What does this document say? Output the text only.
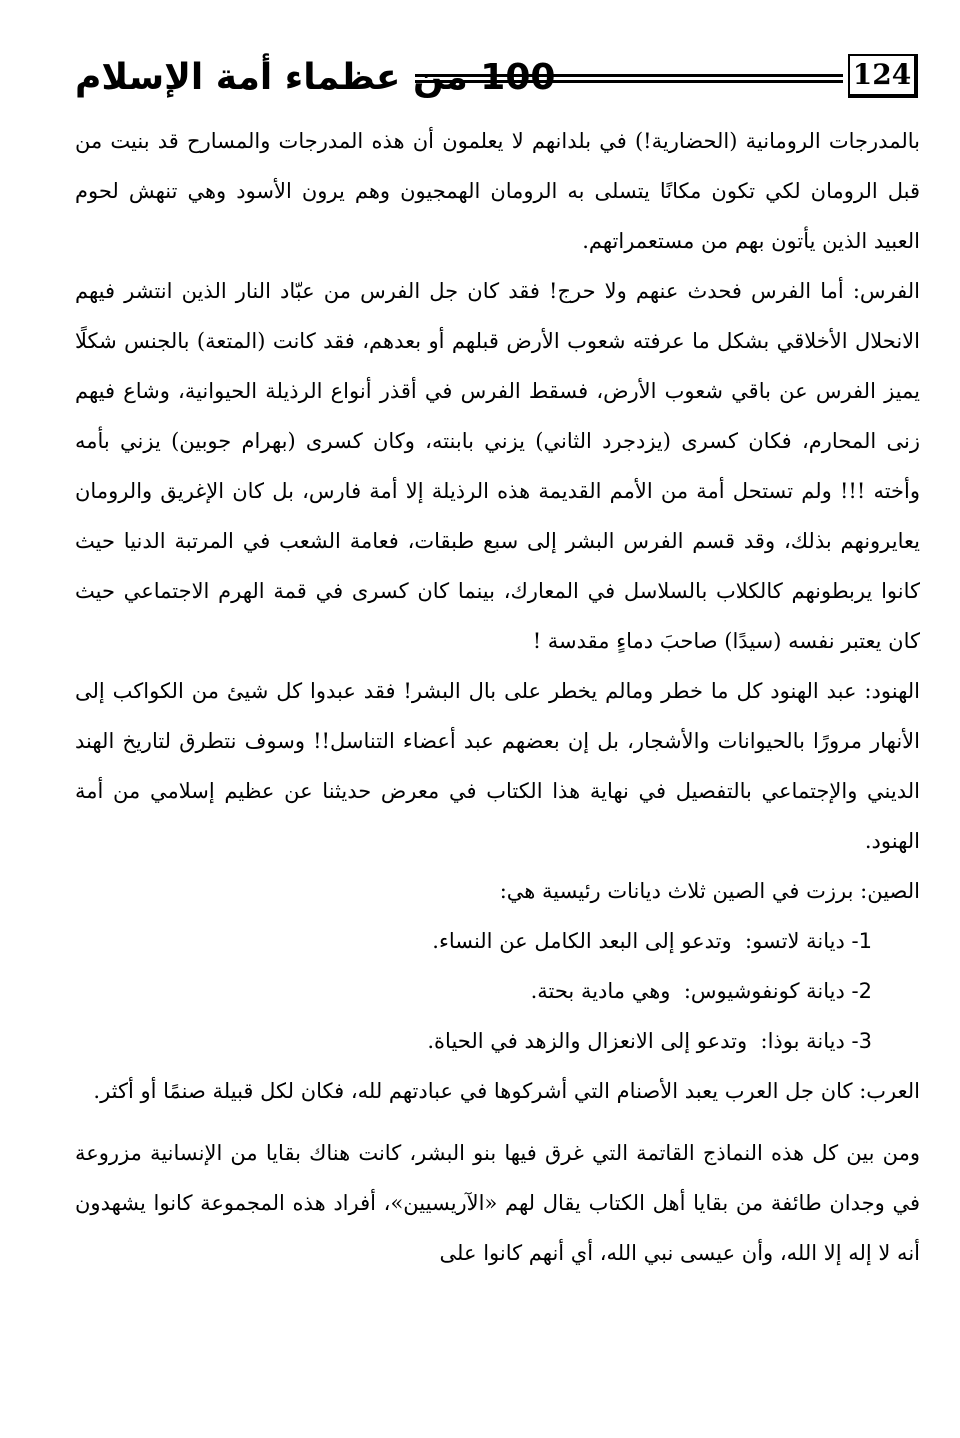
100 من عظماء أمة الإسلام	124

بالمدرجات الرومانية (الحضارية!) في بلدانهم لا يعلمون أن هذه المدرجات والمسارح قد بنيت من قبل الرومان لكي تكون مكانًا يتسلى به الرومان الهمجيون وهم يرون الأسود وهي تنهش لحوم العبيد الذين يأتون بهم من مستعمراتهم.

الفرس: أما الفرس فحدث عنهم ولا حرج! فقد كان جل الفرس من عبّاد النار الذين انتشر فيهم الانحلال الأخلاقي بشكل ما عرفته شعوب الأرض قبلهم أو بعدهم، فقد كانت (المتعة) بالجنس شكلًا يميز الفرس عن باقي شعوب الأرض، فسقط الفرس في أقذر أنواع الرذيلة الحيوانية، وشاع فيهم زنى المحارم، فكان كسرى (يزدجرد الثاني) يزني بابنته، وكان كسرى (بهرام جوبين) يزني بأمه وأخته !!! ولم تستحل أمة من الأمم القديمة هذه الرذيلة إلا أمة فارس، بل كان الإغريق والرومان يعايرونهم بذلك، وقد قسم الفرس البشر إلى سبع طبقات، فعامة الشعب في المرتبة الدنيا حيث كانوا يربطونهم كالكلاب بالسلاسل في المعارك، بينما كان كسرى في قمة الهرم الاجتماعي حيث كان يعتبر نفسه (سيدًا) صاحبَ دماءٍ مقدسة !

الهنود: عبد الهنود كل ما خطر ومالم يخطر على بال البشر! فقد عبدوا كل شيئ من الكواكب إلى الأنهار مرورًا بالحيوانات والأشجار، بل إن بعضهم عبد أعضاء التناسل!! وسوف نتطرق لتاريخ الهند الديني والإجتماعي بالتفصيل في نهاية هذا الكتاب في معرض حديثنا عن عظيم إسلامي من أمة الهنود.

الصين: برزت في الصين ثلاث ديانات رئيسية هي:

1- ديانة لاتسو:  وتدعو إلى البعد الكامل عن النساء.

2- ديانة كونفوشيوس:  وهي مادية بحتة.

3- ديانة بوذا:  وتدعو إلى الانعزال والزهد في الحياة.

العرب: كان جل العرب يعبد الأصنام التي أشركوها في عبادتهم لله، فكان لكل قبيلة صنمًا أو أكثر.

ومن بين كل هذه النماذج القاتمة التي غرق فيها بنو البشر، كانت هناك بقايا من الإنسانية مزروعة في وجدان طائفة من بقايا أهل الكتاب يقال لهم «الآريسيين»، أفراد هذه المجموعة كانوا يشهدون أنه لا إله إلا الله، وأن عيسى نبي الله، أي أنهم كانوا على
